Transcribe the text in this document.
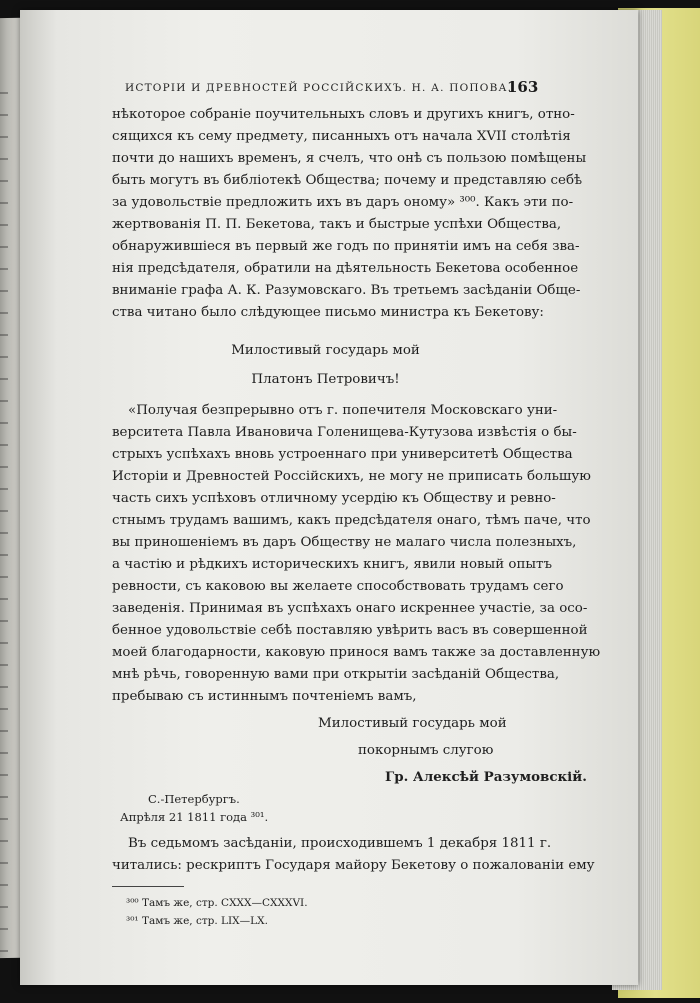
ИСТОРІИ И ДРЕВНОСТЕЙ РОССІЙСКИХЪ. Н. А. ПОПОВА.
163
нѣкоторое собраніе поучительныхъ словъ и другихъ книгъ, отно-
сящихся къ сему предмету, писанныхъ отъ начала XVII столѣтія
почти до нашихъ временъ, я счелъ, что онѣ съ пользою помѣщены
быть могутъ въ библіотекѣ Общества; почему и представляю себѣ
за удовольствіе предложить ихъ въ даръ оному» ³⁰⁰. Какъ эти по-
жертвованія П. П. Бекетова, такъ и быстрые успѣхи Общества,
обнаружившіеся въ первый же годъ по принятіи имъ на себя зва-
нія предсѣдателя, обратили на дѣятельность Бекетова особенное
вниманіе графа А. К. Разумовскаго. Въ третьемъ засѣданіи Обще-
ства читано было слѣдующее письмо министра къ Бекетову:
Милостивый государь мой
Платонъ Петровичъ!
«Получая безпрерывно отъ г. попечителя Московскаго уни-
верситета Павла Ивановича Голенищева-Кутузова извѣстія о бы-
стрыхъ успѣхахъ вновь устроеннаго при университетѣ Общества
Исторіи и Древностей Россійскихъ, не могу не приписать большую
часть сихъ успѣховъ отличному усердію къ Обществу и ревно-
стнымъ трудамъ вашимъ, какъ предсѣдателя онаго, тѣмъ паче, что
вы приношеніемъ въ даръ Обществу не малаго числа полезныхъ,
а частію и рѣдкихъ историческихъ книгъ, явили новый опытъ
ревности, съ каковою вы желаете способствовать трудамъ сего
заведенія. Принимая въ успѣхахъ онаго искреннее участіе, за осо-
бенное удовольствіе себѣ поставляю увѣрить васъ въ совершенной
моей благодарности, каковую принося вамъ также за доставленную
мнѣ рѣчь, говоренную вами при открытіи засѣданій Общества,
пребываю съ истиннымъ почтеніемъ вамъ,
Милостивый государь мой
покорнымъ слугою
Гр. Алексѣй Разумовскій.
С.-Петербургъ.
Апрѣля 21 1811 года ³⁰¹.
Въ седьмомъ засѣданіи, происходившемъ 1 декабря 1811 г.
читались: рескриптъ Государя майору Бекетову о пожалованіи ему
³⁰⁰ Тамъ же, стр. CXXX—CXXXVI.
³⁰¹ Тамъ же, стр. LIX—LX.
